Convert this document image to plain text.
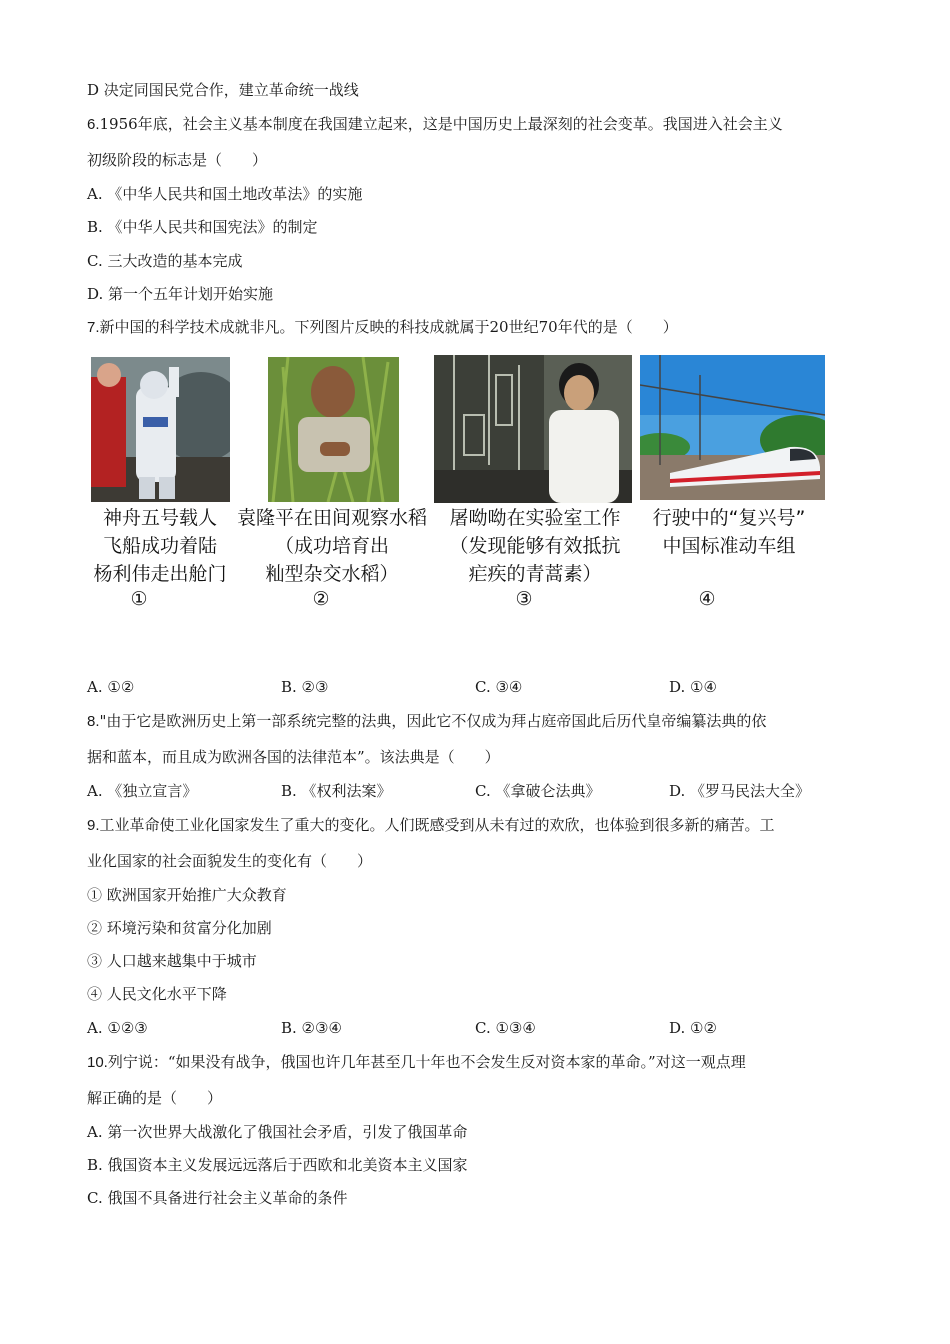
D 决定同国民党合作，建立革命统一战线
6.1956年底，社会主义基本制度在我国建立起来，这是中国历史上最深刻的社会变革。我国进入社会主义
初级阶段的标志是（　　）
A. 《中华人民共和国土地改革法》的实施
B. 《中华人民共和国宪法》的制定
C. 三大改造的基本完成
D. 第一个五年计划开始实施
7.新中国的科学技术成就非凡。下列图片反映的科技成就属于20世纪70年代的是（　　）
神舟五号载人
飞船成功着陆
杨利伟走出舱门
袁隆平在田间观察水稻
（成功培育出
籼型杂交水稻）
屠呦呦在实验室工作
（发现能够有效抵抗
疟疾的青蒿素）
行驶中的“复兴号”
中国标准动车组
①	②	③	④
A. ①②	B. ②③	C. ③④	D. ①④
8."由于它是欧洲历史上第一部系统完整的法典，因此它不仅成为拜占庭帝国此后历代皇帝编纂法典的依
据和蓝本，而且成为欧洲各国的法律范本”。该法典是（　　）
A. 《独立宣言》	B. 《权利法案》	C. 《拿破仑法典》	D. 《罗马民法大全》
9.工业革命使工业化国家发生了重大的变化。人们既感受到从未有过的欢欣，也体验到很多新的痛苦。工
业化国家的社会面貌发生的变化有（　　）
① 欧洲国家开始推广大众教育
② 环境污染和贫富分化加剧
③ 人口越来越集中于城市
④ 人民文化水平下降
A. ①②③	B. ②③④	C. ①③④	D. ①②
10.列宁说：“如果没有战争，俄国也许几年甚至几十年也不会发生反对资本家的革命。”对这一观点理
解正确的是（　　）
A. 第一次世界大战激化了俄国社会矛盾，引发了俄国革命
B. 俄国资本主义发展远远落后于西欧和北美资本主义国家
C. 俄国不具备进行社会主义革命的条件
